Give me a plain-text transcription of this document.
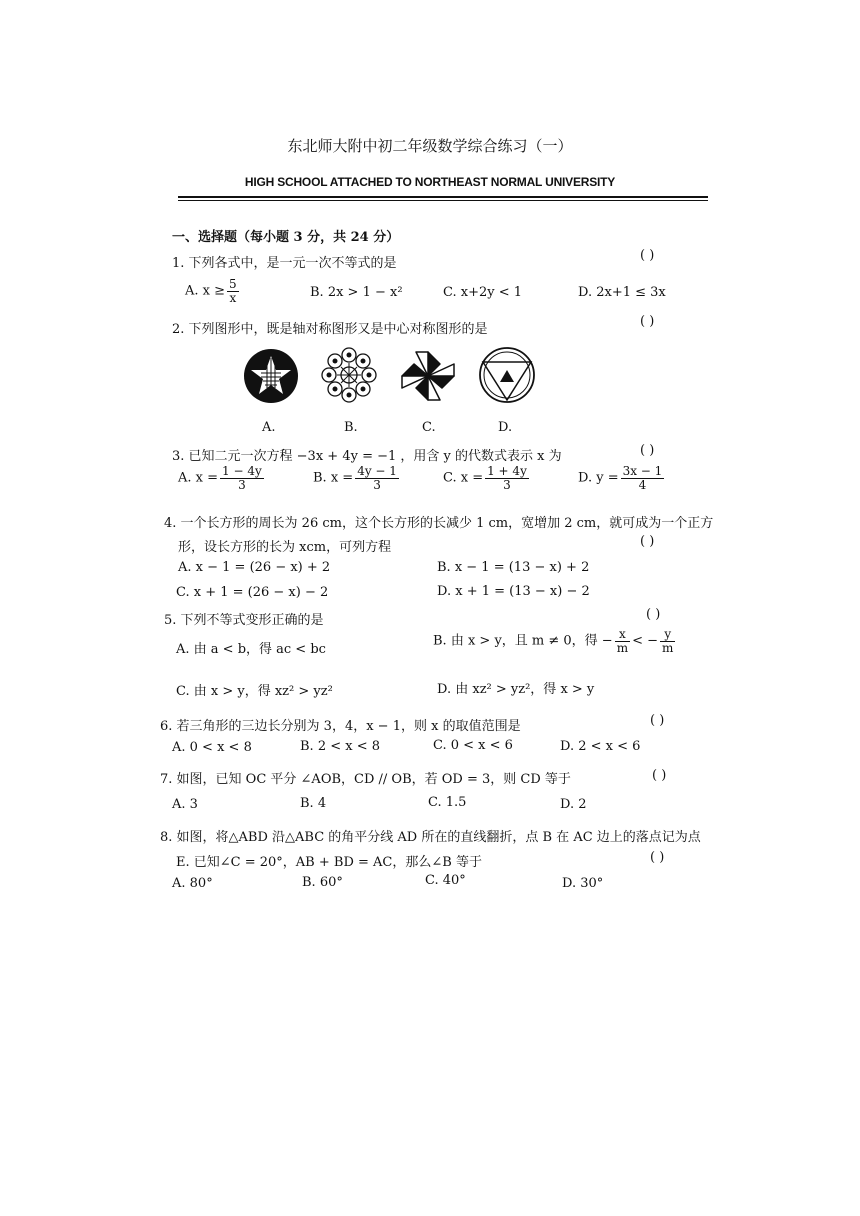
东北师大附中初二年级数学综合练习（一）
HIGH SCHOOL ATTACHED TO NORTHEAST NORMAL UNIVERSITY
一、选择题（每小题 3 分，共 24 分）
1. 下列各式中，是一元一次不等式的是
( )
A. $x \ge \frac{5}{x}$	B. 2x > 1 − x²	C. x+2y < 1	D. 2x+1 ≤ 3x
2. 下列图形中，既是轴对称图形又是中心对称图形的是
( )
A.	B.	C.	D.
3. 已知二元一次方程 −3x + 4y = −1 ，用含 y 的代数式表示 x 为	( )
A. $x = \frac{1 - 4y}{3}$	B. $x = \frac{4y - 1}{3}$	C. $x = \frac{1 + 4y}{3}$	D. $y = \frac{3x - 1}{4}$
4. 一个长方形的周长为 26 cm，这个长方形的长减少 1 cm，宽增加 2 cm，就可成为一个正方
形，设长方形的长为 xcm，可列方程	( )
A. x − 1 = (26 − x) + 2	B. x − 1 = (13 − x) + 2
C. x + 1 = (26 − x) − 2	D. x + 1 = (13 − x) − 2
5. 下列不等式变形正确的是	( )
A. 由 a < b，得 ac < bc
B. 由 x > y，且 m ≠ 0，得 − $\frac{x}{m}$ < − $\frac{y}{m}$
C. 由 x > y，得 xz² > yz²	D. 由 xz² > yz²，得 x > y
6. 若三角形的三边长分别为 3，4，x − 1，则 x 的取值范围是	( )
A. 0 < x < 8	B. 2 < x < 8	C. 0 < x < 6	D. 2 < x < 6
7. 如图，已知 OC 平分 ∠AOB，CD // OB，若 OD = 3，则 CD 等于	( )
A. 3	B. 4	C. 1.5	D. 2
8. 如图，将△ABD 沿△ABC 的角平分线 AD 所在的直线翻折，点 B 在 AC 边上的落点记为点
E. 已知∠C = 20°，AB + BD = AC，那么∠B 等于	( )
A. 80°	B. 60°	C. 40°	D. 30°
